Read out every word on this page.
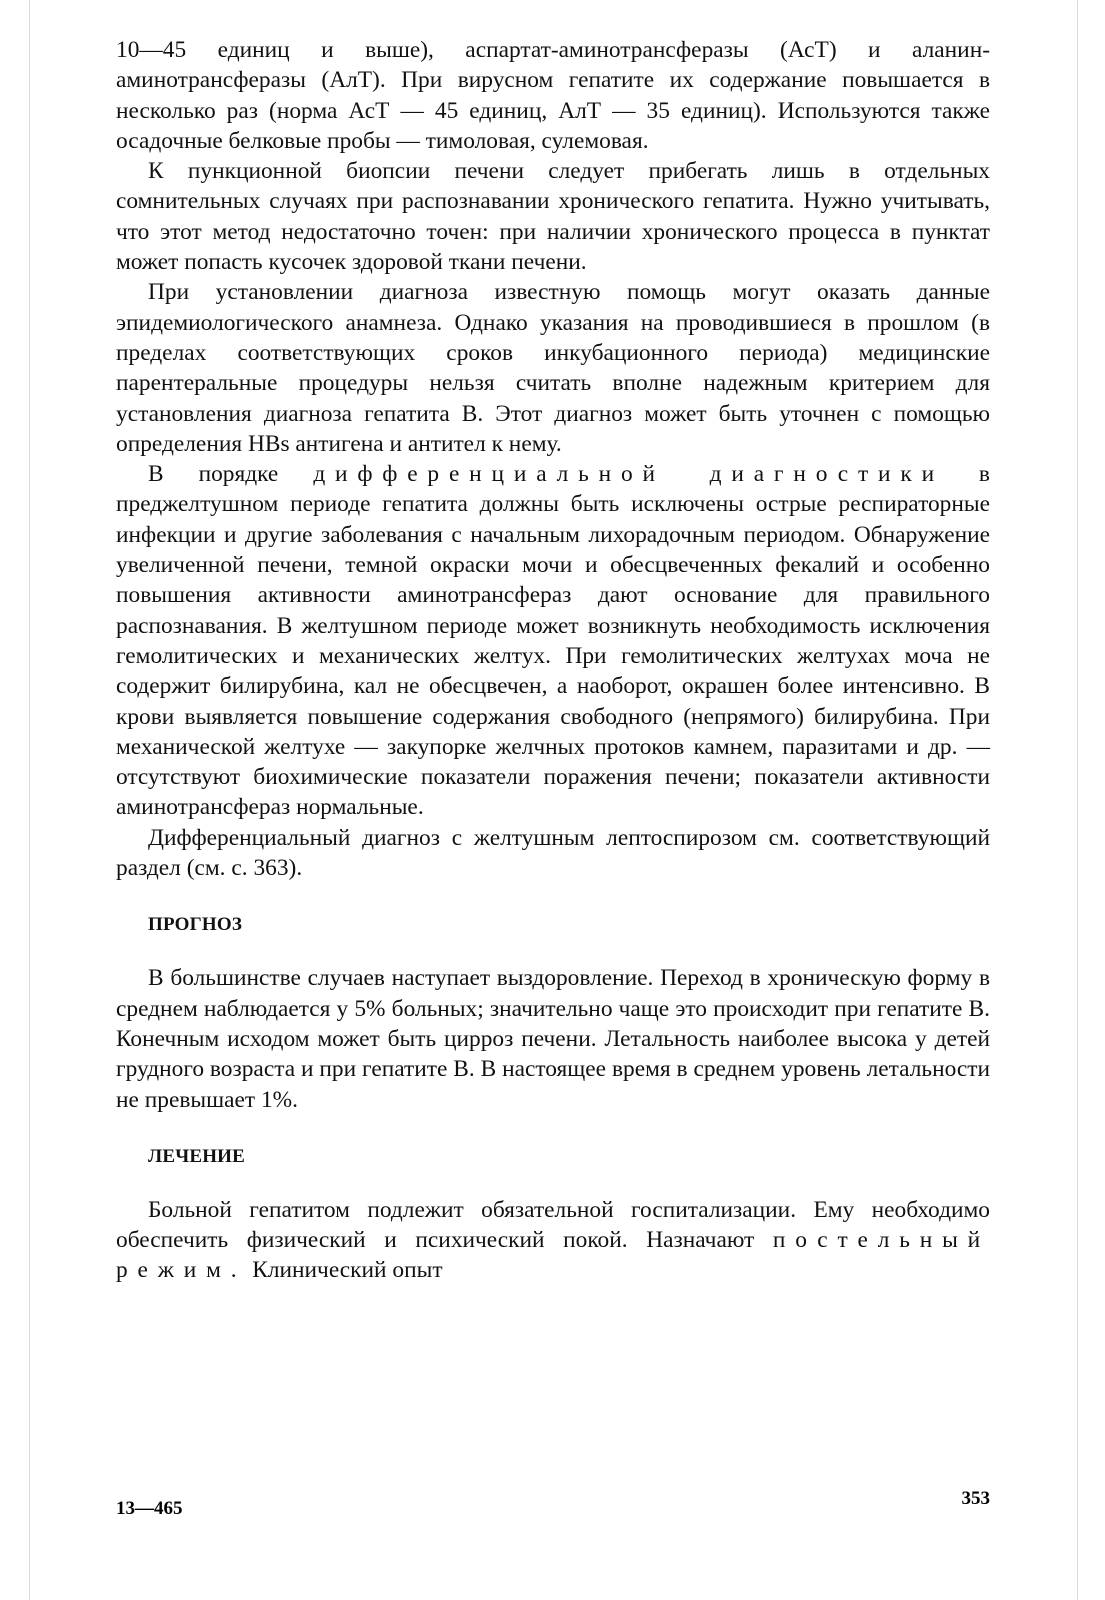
10—45 единиц и выше), аспартат-аминотрансферазы (АсТ) и аланин-аминотрансферазы (АлТ). При вирусном гепатите их содержание повышается в несколько раз (норма АсТ — 45 единиц, АлТ — 35 единиц). Используются также осадочные белковые пробы — тимоловая, сулемовая.

К пункционной биопсии печени следует прибегать лишь в отдельных сомнительных случаях при распознавании хронического гепатита. Нужно учитывать, что этот метод недостаточно точен: при наличии хронического процесса в пунктат может попасть кусочек здоровой ткани печени.

При установлении диагноза известную помощь могут оказать данные эпидемиологического анамнеза. Однако указания на проводившиеся в прошлом (в пределах соответствующих сроков инкубационного периода) медицинские парентеральные процедуры нельзя считать вполне надежным критерием для установления диагноза гепатита В. Этот диагноз может быть уточнен с помощью определения HBs антигена и антител к нему.

В порядке дифференциальной диагностики в преджелтушном периоде гепатита должны быть исключены острые респираторные инфекции и другие заболевания с начальным лихорадочным периодом. Обнаружение увеличенной печени, темной окраски мочи и обесцвеченных фекалий и особенно повышения активности аминотрансфераз дают основание для правильного распознавания. В желтушном периоде может возникнуть необходимость исключения гемолитических и механических желтух. При гемолитических желтухах моча не содержит билирубина, кал не обесцвечен, а наоборот, окрашен более интенсивно. В крови выявляется повышение содержания свободного (непрямого) билирубина. При механической желтухе — закупорке желчных протоков камнем, паразитами и др. — отсутствуют биохимические показатели поражения печени; показатели активности аминотрансфераз нормальные.

Дифференциальный диагноз с желтушным лептоспирозом см. соответствующий раздел (см. с. 363).

ПРОГНОЗ

В большинстве случаев наступает выздоровление. Переход в хроническую форму в среднем наблюдается у 5% больных; значительно чаще это происходит при гепатите В. Конечным исходом может быть цирроз печени. Летальность наиболее высока у детей грудного возраста и при гепатите В. В настоящее время в среднем уровень летальности не превышает 1%.

ЛЕЧЕНИЕ

Больной гепатитом подлежит обязательной госпитализации. Ему необходимо обеспечить физический и психический покой. Назначают постельный режим. Клинический опыт

13—465	353
